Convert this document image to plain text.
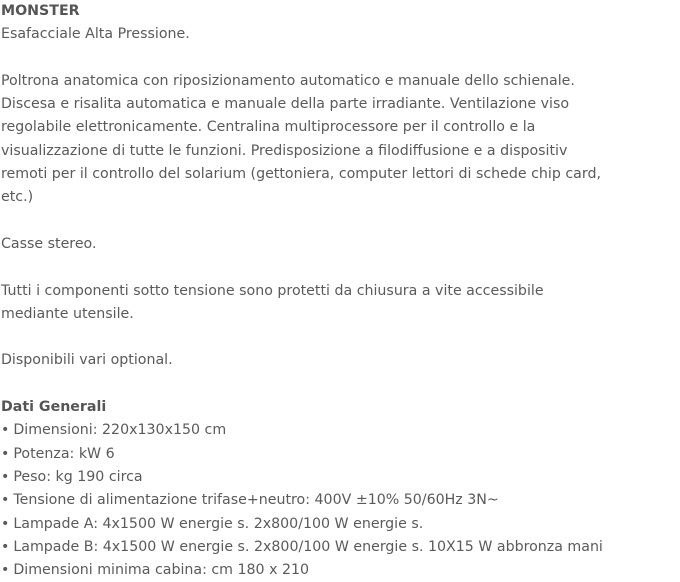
MONSTER
Esafacciale Alta Pressione.
Poltrona anatomica con riposizionamento automatico e manuale dello schienale.
Discesa e risalita automatica e manuale della parte irradiante. Ventilazione viso
regolabile elettronicamente. Centralina multiprocessore per il controllo e la
visualizzazione di tutte le funzioni. Predisposizione a filodiffusione e a dispositiv
remoti per il controllo del solarium (gettoniera, computer lettori di schede chip card,
etc.)
Casse stereo.
Tutti i componenti sotto tensione sono protetti da chiusura a vite accessibile
mediante utensile.
Disponibili vari optional.
Dati Generali
• Dimensioni: 220x130x150 cm
• Potenza: kW 6
• Peso: kg 190 circa
• Tensione di alimentazione trifase+neutro: 400V ±10% 50/60Hz 3N~
• Lampade A: 4x1500 W energie s. 2x800/100 W energie s.
• Lampade B: 4x1500 W energie s. 2x800/100 W energie s. 10X15 W abbronza mani
• Dimensioni minima cabina: cm 180 x 210
